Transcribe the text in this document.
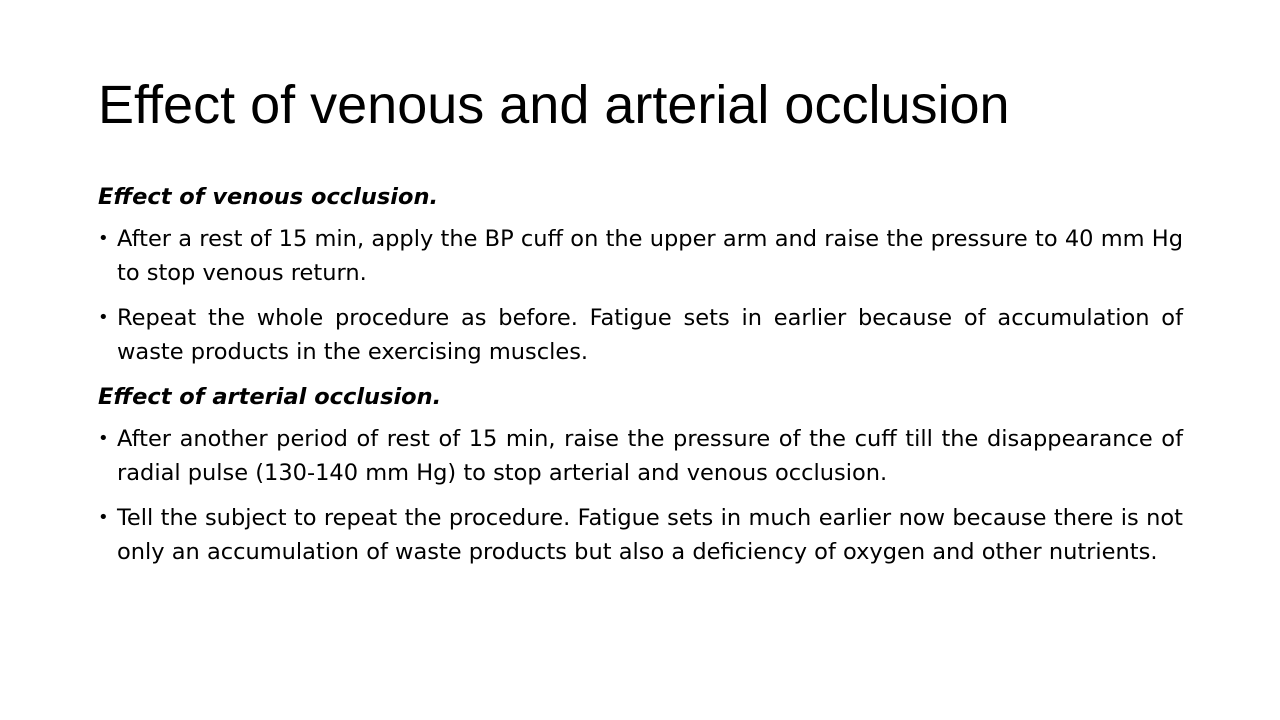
Effect of venous and arterial occlusion

Effect of venous occlusion.

• After a rest of 15 min, apply the BP cuff on the upper arm and raise the pressure to 40 mm Hg to stop venous return.
• Repeat the whole procedure as before. Fatigue sets in earlier because of accumulation of waste products in the exercising muscles.

Effect of arterial occlusion.

• After another period of rest of 15 min, raise the pressure of the cuff till the disappearance of radial pulse (130-140 mm Hg) to stop arterial and venous occlusion.
• Tell the subject to repeat the procedure. Fatigue sets in much earlier now because there is not only an accumulation of waste products but also a deficiency of oxygen and other nutrients.
